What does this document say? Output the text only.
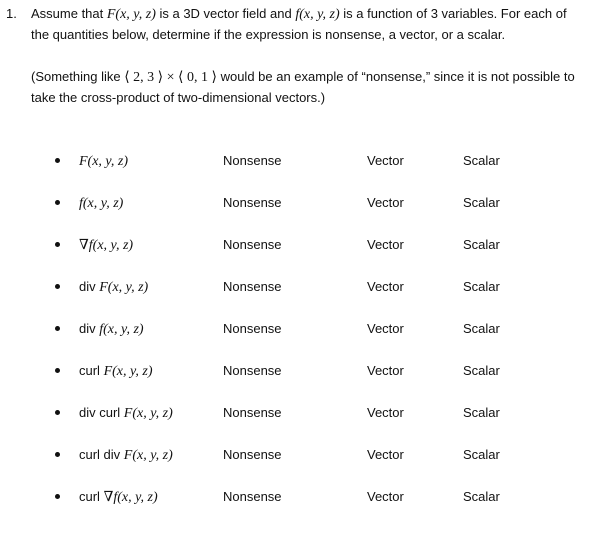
1. Assume that F(x, y, z) is a 3D vector field and f(x, y, z) is a function of 3 variables. For each of
the quantities below, determine if the expression is nonsense, a vector, or a scalar.
(Something like ⟨ 2, 3 ⟩ × ⟨ 0, 1 ⟩ would be an example of “nonsense,” since it is not possible to
take the cross-product of two-dimensional vectors.)
F(x, y, z)	Nonsense	Vector	Scalar
f(x, y, z)	Nonsense	Vector	Scalar
∇f(x, y, z)	Nonsense	Vector	Scalar
div F(x, y, z)	Nonsense	Vector	Scalar
div f(x, y, z)	Nonsense	Vector	Scalar
curl F(x, y, z)	Nonsense	Vector	Scalar
div curl F(x, y, z)	Nonsense	Vector	Scalar
curl div F(x, y, z)	Nonsense	Vector	Scalar
curl ∇f(x, y, z)	Nonsense	Vector	Scalar
